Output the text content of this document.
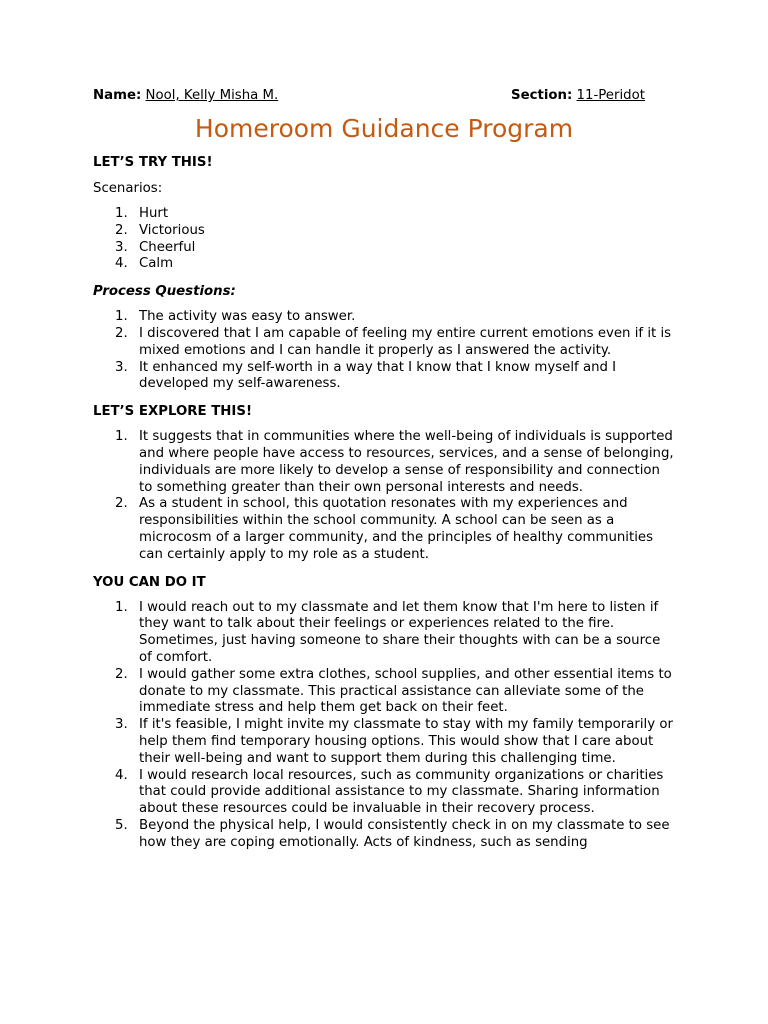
Name: Nool, Kelly Misha M.	Section: 11-Peridot
Homeroom Guidance Program
LET’S TRY THIS!
Scenarios:
1. Hurt
2. Victorious
3. Cheerful
4. Calm
Process Questions:
1. The activity was easy to answer.
2. I discovered that I am capable of feeling my entire current emotions even if it is mixed emotions and I can handle it properly as I answered the activity.
3. It enhanced my self-worth in a way that I know that I know myself and I developed my self-awareness.
LET’S EXPLORE THIS!
1. It suggests that in communities where the well-being of individuals is supported and where people have access to resources, services, and a sense of belonging, individuals are more likely to develop a sense of responsibility and connection to something greater than their own personal interests and needs.
2. As a student in school, this quotation resonates with my experiences and responsibilities within the school community. A school can be seen as a microcosm of a larger community, and the principles of healthy communities can certainly apply to my role as a student.
YOU CAN DO IT
1. I would reach out to my classmate and let them know that I'm here to listen if they want to talk about their feelings or experiences related to the fire. Sometimes, just having someone to share their thoughts with can be a source of comfort.
2. I would gather some extra clothes, school supplies, and other essential items to donate to my classmate. This practical assistance can alleviate some of the immediate stress and help them get back on their feet.
3. If it's feasible, I might invite my classmate to stay with my family temporarily or help them find temporary housing options. This would show that I care about their well-being and want to support them during this challenging time.
4. I would research local resources, such as community organizations or charities that could provide additional assistance to my classmate. Sharing information about these resources could be invaluable in their recovery process.
5. Beyond the physical help, I would consistently check in on my classmate to see how they are coping emotionally. Acts of kindness, such as sending
